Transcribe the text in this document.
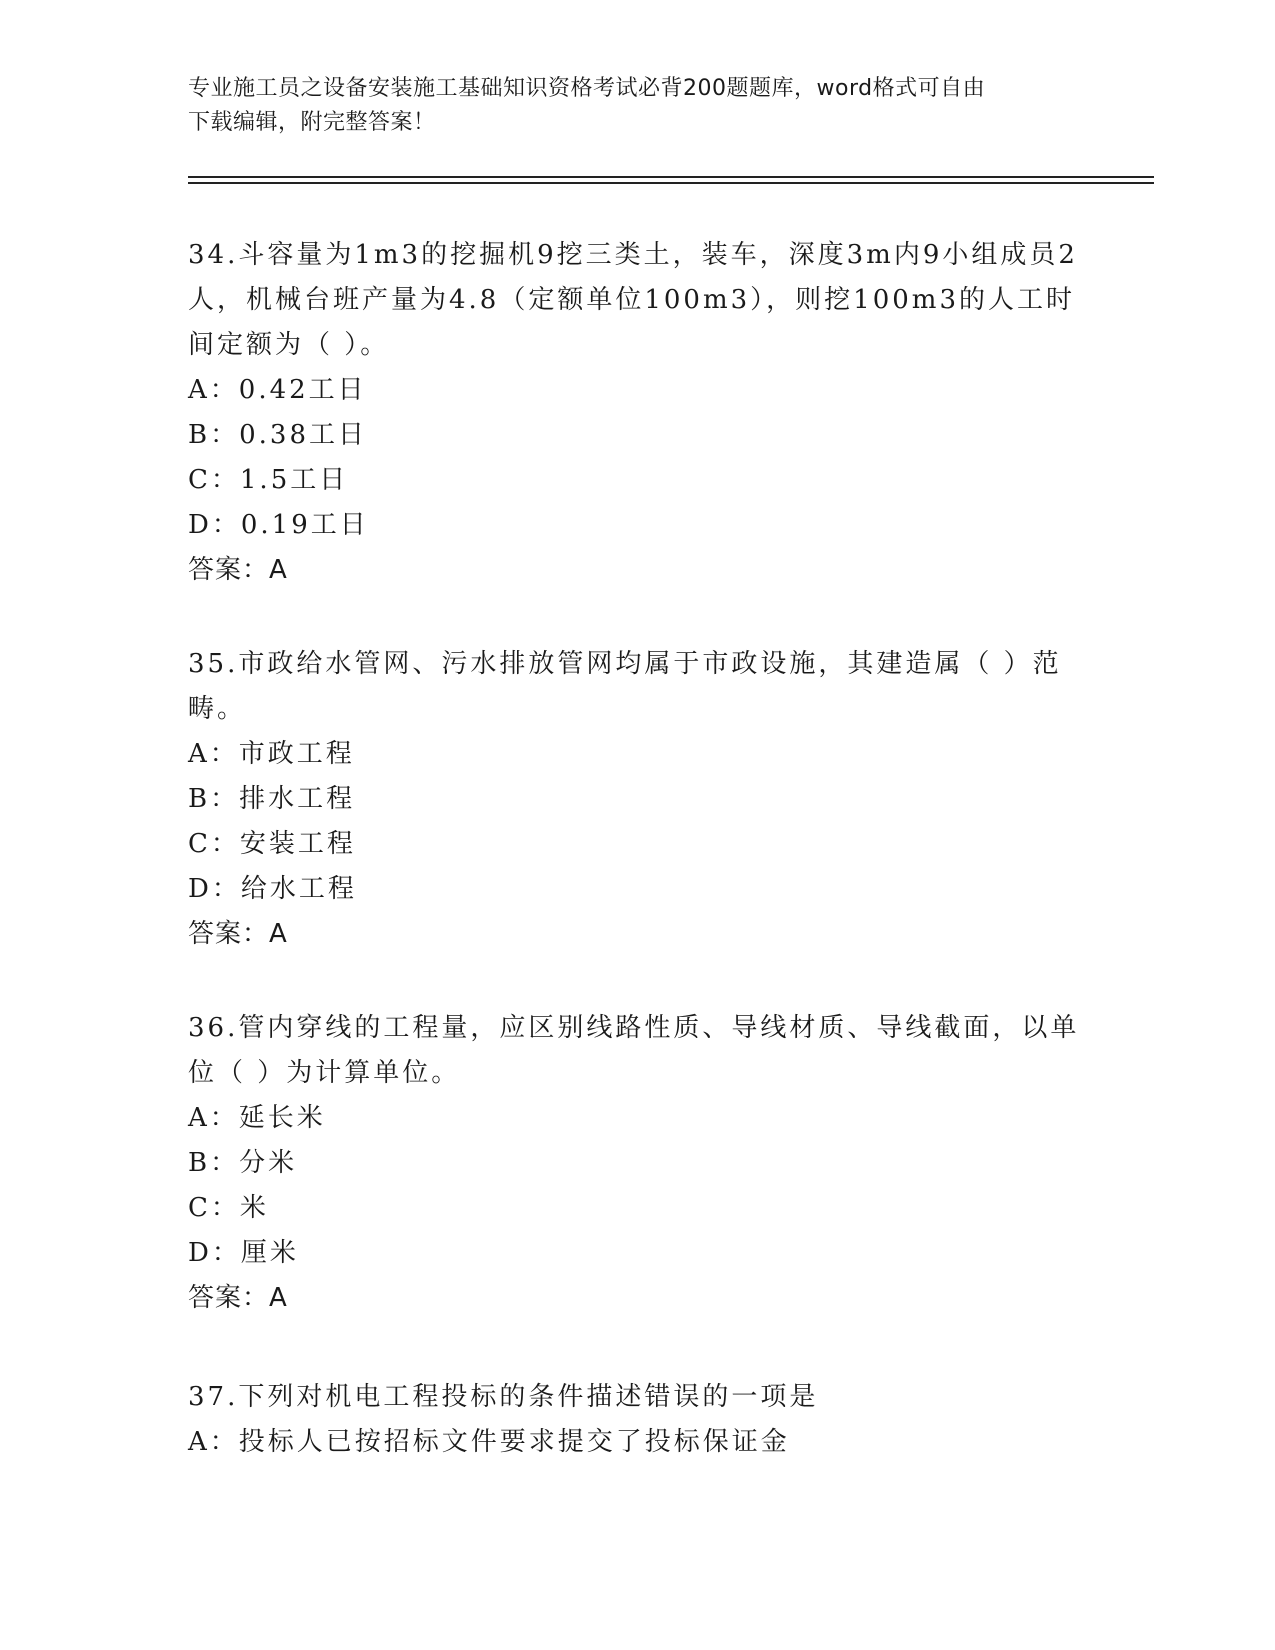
专业施工员之设备安装施工基础知识资格考试必背200题题库，word格式可自由
下载编辑，附完整答案！

34.斗容量为1m3的挖掘机9挖三类土，装车，深度3m内9小组成员2人，机械台班产量为4.8（定额单位100m3），则挖100m3的人工时间定额为（ ）。

A：0.42工日

B：0.38工日

C：1.5工日

D：0.19工日

答案：A

35.市政给水管网、污水排放管网均属于市政设施，其建造属（ ）范畴。

A：市政工程

B：排水工程

C：安装工程

D：给水工程

答案：A

36.管内穿线的工程量，应区别线路性质、导线材质、导线截面，以单位（ ）为计算单位。

A：延长米

B：分米

C：米

D：厘米

答案：A

37.下列对机电工程投标的条件描述错误的一项是

A：投标人已按招标文件要求提交了投标保证金
